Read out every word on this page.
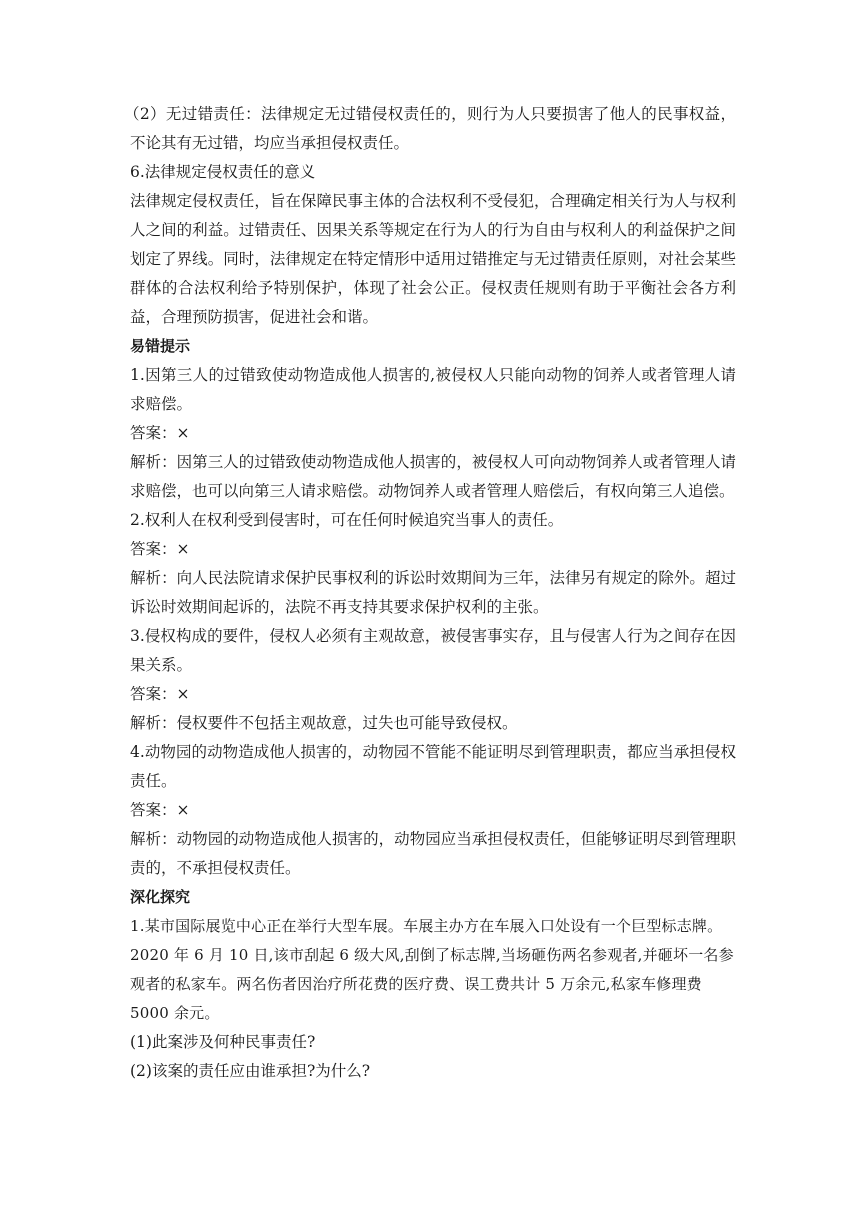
（2）无过错责任：法律规定无过错侵权责任的，则行为人只要损害了他人的民事权益，不论其有无过错，均应当承担侵权责任。

6.法律规定侵权责任的意义

法律规定侵权责任，旨在保障民事主体的合法权利不受侵犯，合理确定相关行为人与权利人之间的利益。过错责任、因果关系等规定在行为人的行为自由与权利人的利益保护之间划定了界线。同时，法律规定在特定情形中适用过错推定与无过错责任原则，对社会某些群体的合法权利给予特别保护，体现了社会公正。侵权责任规则有助于平衡社会各方利益，合理预防损害，促进社会和谐。

易错提示

1.因第三人的过错致使动物造成他人损害的,被侵权人只能向动物的饲养人或者管理人请求赔偿。

答案：×

解析：因第三人的过错致使动物造成他人损害的，被侵权人可向动物饲养人或者管理人请求赔偿，也可以向第三人请求赔偿。动物饲养人或者管理人赔偿后，有权向第三人追偿。

2.权利人在权利受到侵害时，可在任何时候追究当事人的责任。

答案：×

解析：向人民法院请求保护民事权利的诉讼时效期间为三年，法律另有规定的除外。超过诉讼时效期间起诉的，法院不再支持其要求保护权利的主张。

3.侵权构成的要件，侵权人必须有主观故意，被侵害事实存，且与侵害人行为之间存在因果关系。

答案：×

解析：侵权要件不包括主观故意，过失也可能导致侵权。

4.动物园的动物造成他人损害的，动物园不管能不能证明尽到管理职责，都应当承担侵权责任。

答案：×

解析：动物园的动物造成他人损害的，动物园应当承担侵权责任，但能够证明尽到管理职责的，不承担侵权责任。

深化探究

1.某市国际展览中心正在举行大型车展。车展主办方在车展入口处设有一个巨型标志牌。2020 年 6 月 10 日,该市刮起 6 级大风,刮倒了标志牌,当场砸伤两名参观者,并砸坏一名参观者的私家车。两名伤者因治疗所花费的医疗费、误工费共计 5 万余元,私家车修理费 5000 余元。

(1)此案涉及何种民事责任?

(2)该案的责任应由谁承担?为什么?
